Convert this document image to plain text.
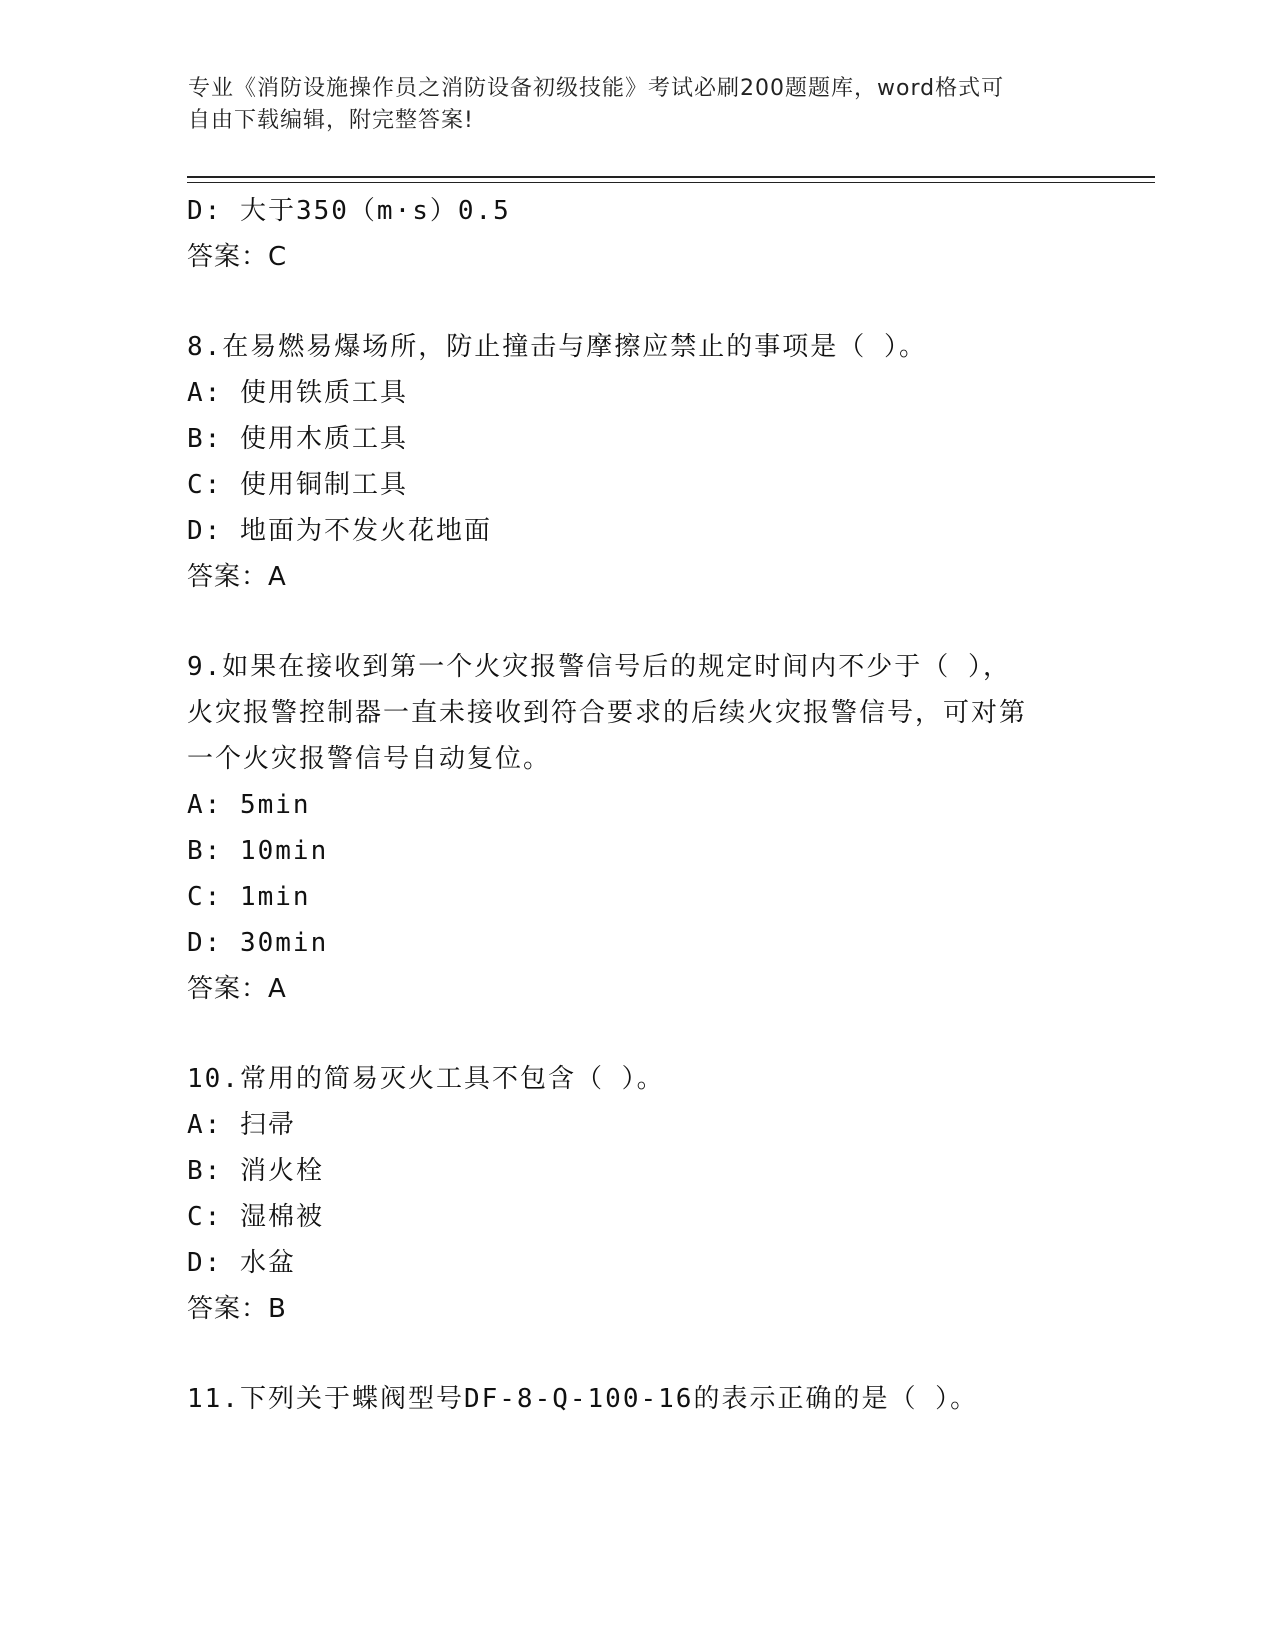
专业《消防设施操作员之消防设备初级技能》考试必刷200题题库，word格式可
自由下载编辑，附完整答案!
D: 大于350（m·s）0.5
答案：C
8.在易燃易爆场所，防止撞击与摩擦应禁止的事项是（ ）。
A: 使用铁质工具
B: 使用木质工具
C: 使用铜制工具
D: 地面为不发火花地面
答案：A
9.如果在接收到第一个火灾报警信号后的规定时间内不少于（ ），
火灾报警控制器一直未接收到符合要求的后续火灾报警信号，可对第
一个火灾报警信号自动复位。
A: 5min
B: 10min
C: 1min
D: 30min
答案：A
10.常用的简易灭火工具不包含（ ）。
A: 扫帚
B: 消火栓
C: 湿棉被
D: 水盆
答案：B
11.下列关于蝶阀型号DF-8-Q-100-16的表示正确的是（ ）。
